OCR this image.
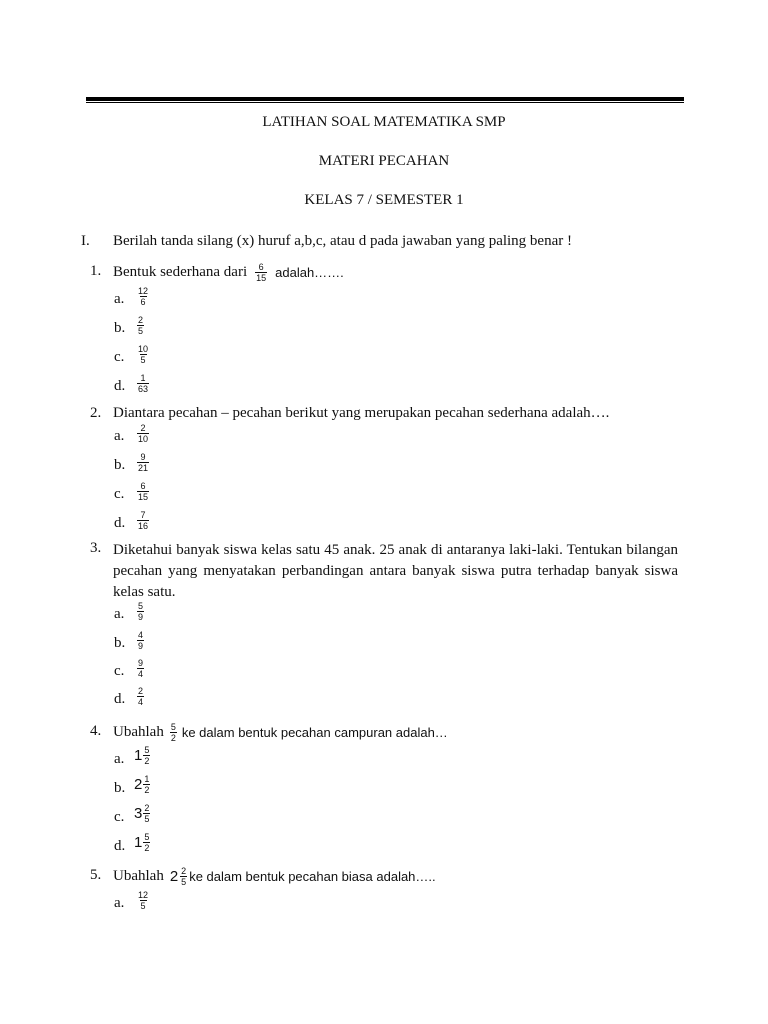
LATIHAN SOAL MATEMATIKA SMP
MATERI PECAHAN
KELAS 7 / SEMESTER 1
I. Berilah tanda silang (x) huruf a,b,c, atau d pada jawaban yang paling benar !
1. Bentuk sederhana dari $\frac{6}{15}$ adalah…….
a. $\frac{12}{6}$
b. $\frac{2}{5}$
c. $\frac{10}{5}$
d. $\frac{1}{63}$
2. Diantara pecahan – pecahan berikut yang merupakan pecahan sederhana adalah….
a. $\frac{2}{10}$
b. $\frac{9}{21}$
c. $\frac{6}{15}$
d. $\frac{7}{16}$
3. Diketahui banyak siswa kelas satu 45 anak. 25 anak di antaranya laki-laki. Tentukan bilangan pecahan yang menyatakan perbandingan antara banyak siswa putra terhadap banyak siswa kelas satu.
a. $\frac{5}{9}$
b. $\frac{4}{9}$
c. $\frac{9}{4}$
d. $\frac{2}{4}$
4. Ubahlah $\frac{5}{2}$ ke dalam bentuk pecahan campuran adalah…
a. $1 \frac{5}{2}$
b. $2 \frac{1}{2}$
c. $3 \frac{2}{5}$
d. $1 \frac{5}{2}$
5. Ubahlah $2 \frac{2}{5}$ ke dalam bentuk pecahan biasa adalah…..
a. $\frac{12}{5}$
